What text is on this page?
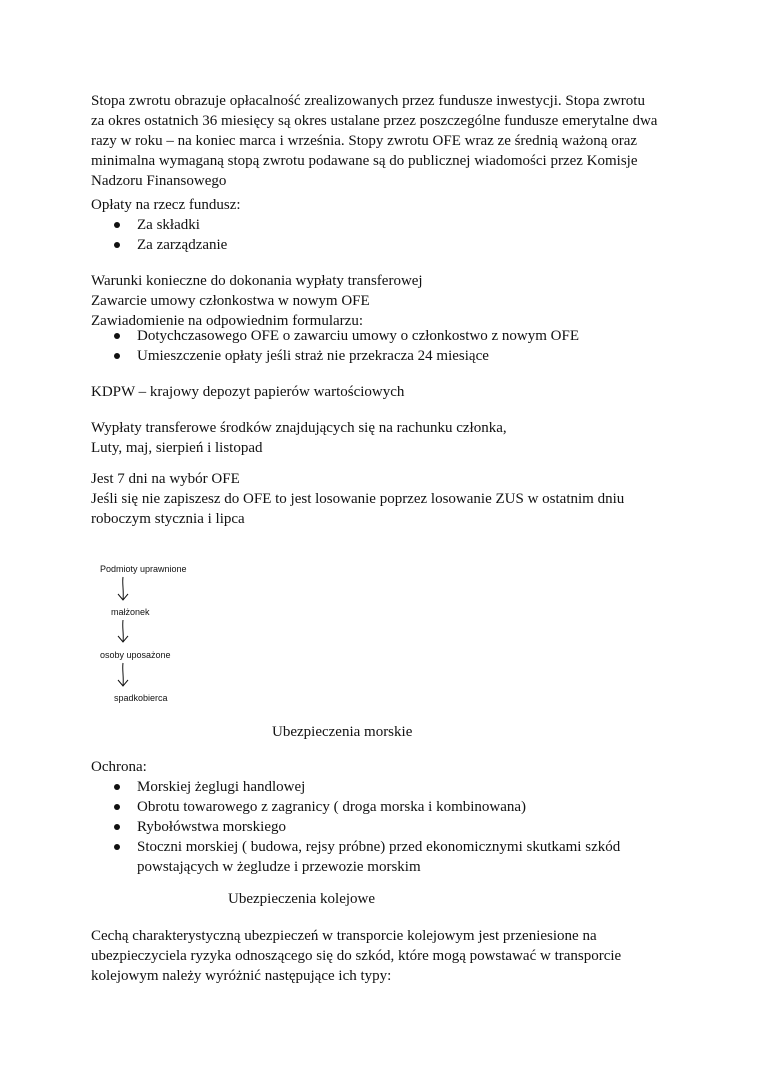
Stopa zwrotu obrazuje opłacalność zrealizowanych przez fundusze inwestycji. Stopa zwrotu
za okres ostatnich 36 miesięcy są okres ustalane przez poszczególne fundusze emerytalne dwa
razy w roku – na koniec marca i września. Stopy zwrotu OFE wraz ze średnią ważoną oraz
minimalna wymaganą stopą zwrotu podawane są do publicznej wiadomości przez Komisje
Nadzoru Finansowego

Opłaty na rzecz fundusz:

Za składki
Za zarządzanie

Warunki konieczne do dokonania wypłaty transferowej
Zawarcie umowy członkostwa w nowym OFE
Zawiadomienie na odpowiednim formularzu:

Dotychczasowego OFE o zawarciu umowy o członkostwo z nowym OFE
Umieszczenie opłaty jeśli straż nie przekracza 24 miesiące

KDPW – krajowy depozyt papierów wartościowych

Wypłaty transferowe środków znajdujących się na rachunku członka,
Luty, maj, sierpień i listopad

Jest 7 dni na wybór OFE
Jeśli się nie zapiszesz do OFE to jest losowanie poprzez losowanie ZUS w ostatnim dniu
roboczym stycznia i lipca

Podmioty uprawnione
małżonek
osoby uposażone
spadkobierca
Ubezpieczenia morskie

Ochrona:

Morskiej żeglugi handlowej
Obrotu towarowego z zagranicy ( droga morska i kombinowana)
Rybołówstwa morskiego
Stoczni morskiej ( budowa, rejsy próbne) przed ekonomicznymi skutkami szkód
powstających w żegludze i przewozie morskim
Ubezpieczenia kolejowe

Cechą charakterystyczną ubezpieczeń w transporcie kolejowym jest przeniesione na
ubezpieczyciela ryzyka odnoszącego się do szkód, które mogą powstawać w transporcie
kolejowym należy wyróżnić następujące ich typy:
